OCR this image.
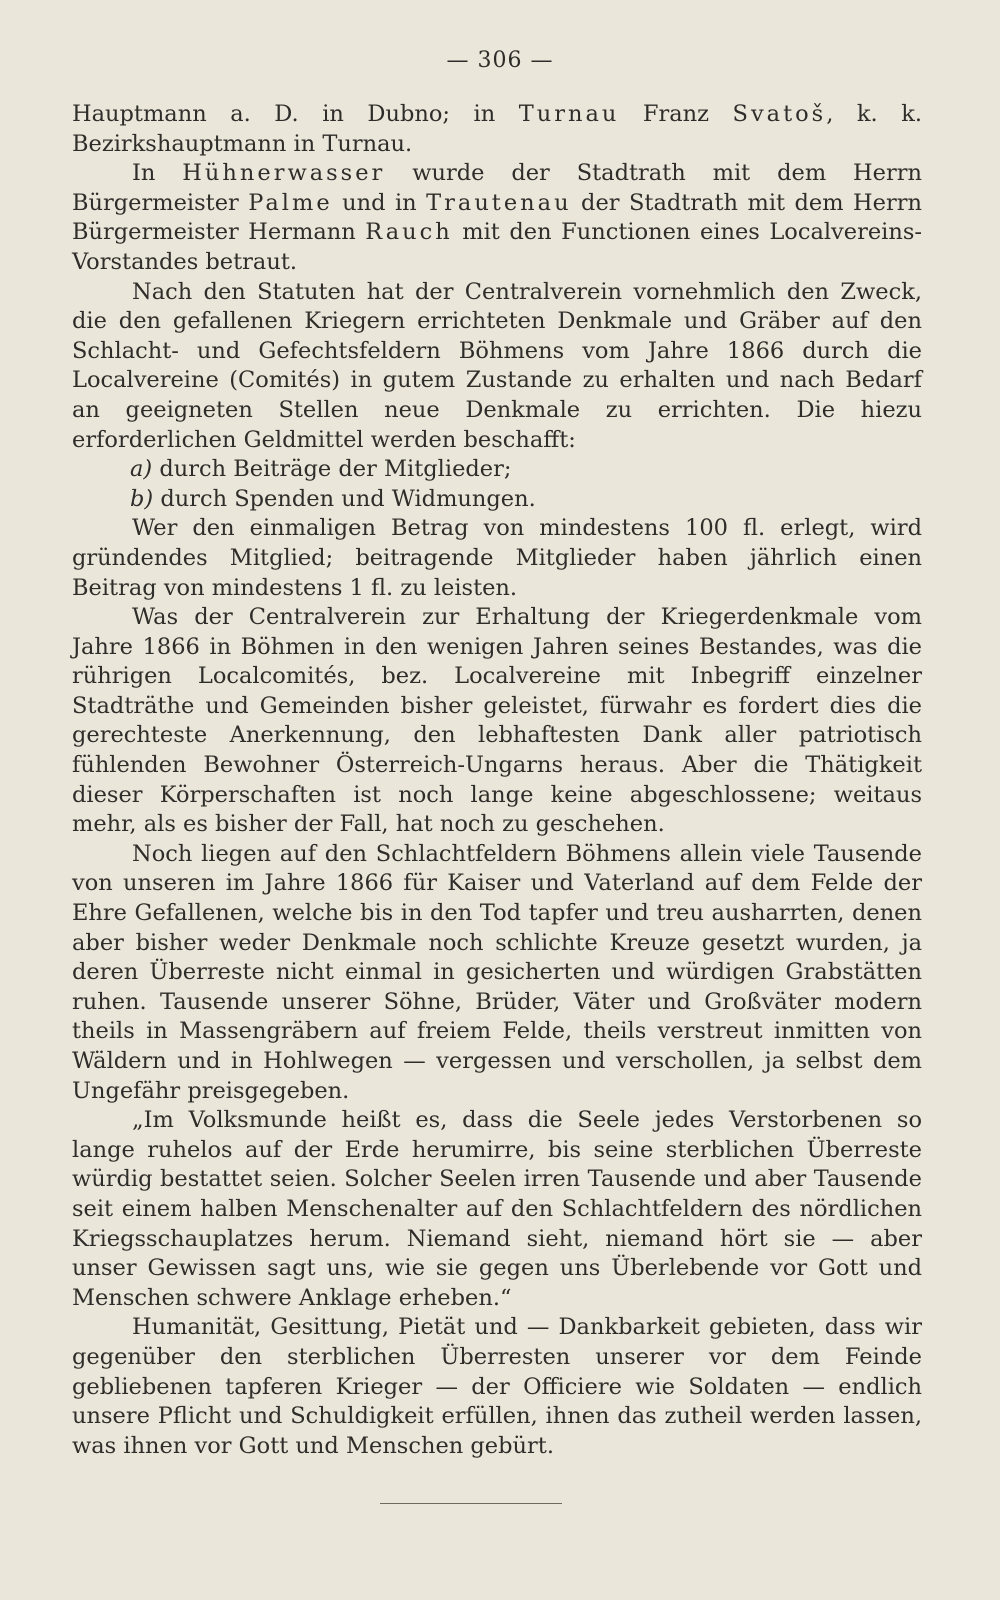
— 306 —

Hauptmann a. D. in Dubno; in Turnau Franz Svatoš, k. k. Bezirkshauptmann in Turnau.

In Hühnerwasser wurde der Stadtrath mit dem Herrn Bürgermeister Palme und in Trautenau der Stadtrath mit dem Herrn Bürgermeister Hermann Rauch mit den Functionen eines Localvereins-Vorstandes betraut.

Nach den Statuten hat der Centralverein vornehmlich den Zweck, die den gefallenen Kriegern errichteten Denkmale und Gräber auf den Schlacht- und Gefechtsfeldern Böhmens vom Jahre 1866 durch die Localvereine (Comités) in gutem Zustande zu erhalten und nach Bedarf an geeigneten Stellen neue Denkmale zu errichten. Die hiezu erforderlichen Geldmittel werden beschafft:

a) durch Beiträge der Mitglieder;

b) durch Spenden und Widmungen.

Wer den einmaligen Betrag von mindestens 100 fl. erlegt, wird gründendes Mitglied; beitragende Mitglieder haben jährlich einen Beitrag von mindestens 1 fl. zu leisten.

Was der Centralverein zur Erhaltung der Kriegerdenkmale vom Jahre 1866 in Böhmen in den wenigen Jahren seines Bestandes, was die rührigen Localcomités, bez. Localvereine mit Inbegriff einzelner Stadträthe und Gemeinden bisher geleistet, fürwahr es fordert dies die gerechteste Anerkennung, den lebhaftesten Dank aller patriotisch fühlenden Bewohner Österreich-Ungarns heraus. Aber die Thätigkeit dieser Körperschaften ist noch lange keine abgeschlossene; weitaus mehr, als es bisher der Fall, hat noch zu geschehen.

Noch liegen auf den Schlachtfeldern Böhmens allein viele Tausende von unseren im Jahre 1866 für Kaiser und Vaterland auf dem Felde der Ehre Gefallenen, welche bis in den Tod tapfer und treu ausharrten, denen aber bisher weder Denkmale noch schlichte Kreuze gesetzt wurden, ja deren Überreste nicht einmal in gesicherten und würdigen Grabstätten ruhen. Tausende unserer Söhne, Brüder, Väter und Großväter modern theils in Massengräbern auf freiem Felde, theils verstreut inmitten von Wäldern und in Hohlwegen — vergessen und verschollen, ja selbst dem Ungefähr preisgegeben.

„Im Volksmunde heißt es, dass die Seele jedes Verstorbenen so lange ruhelos auf der Erde herumirre, bis seine sterblichen Überreste würdig bestattet seien. Solcher Seelen irren Tausende und aber Tausende seit einem halben Menschenalter auf den Schlachtfeldern des nördlichen Kriegsschauplatzes herum. Niemand sieht, niemand hört sie — aber unser Gewissen sagt uns, wie sie gegen uns Überlebende vor Gott und Menschen schwere Anklage erheben.“

Humanität, Gesittung, Pietät und — Dankbarkeit gebieten, dass wir gegenüber den sterblichen Überresten unserer vor dem Feinde gebliebenen tapferen Krieger — der Officiere wie Soldaten — endlich unsere Pflicht und Schuldigkeit erfüllen, ihnen das zutheil werden lassen, was ihnen vor Gott und Menschen gebürt.
